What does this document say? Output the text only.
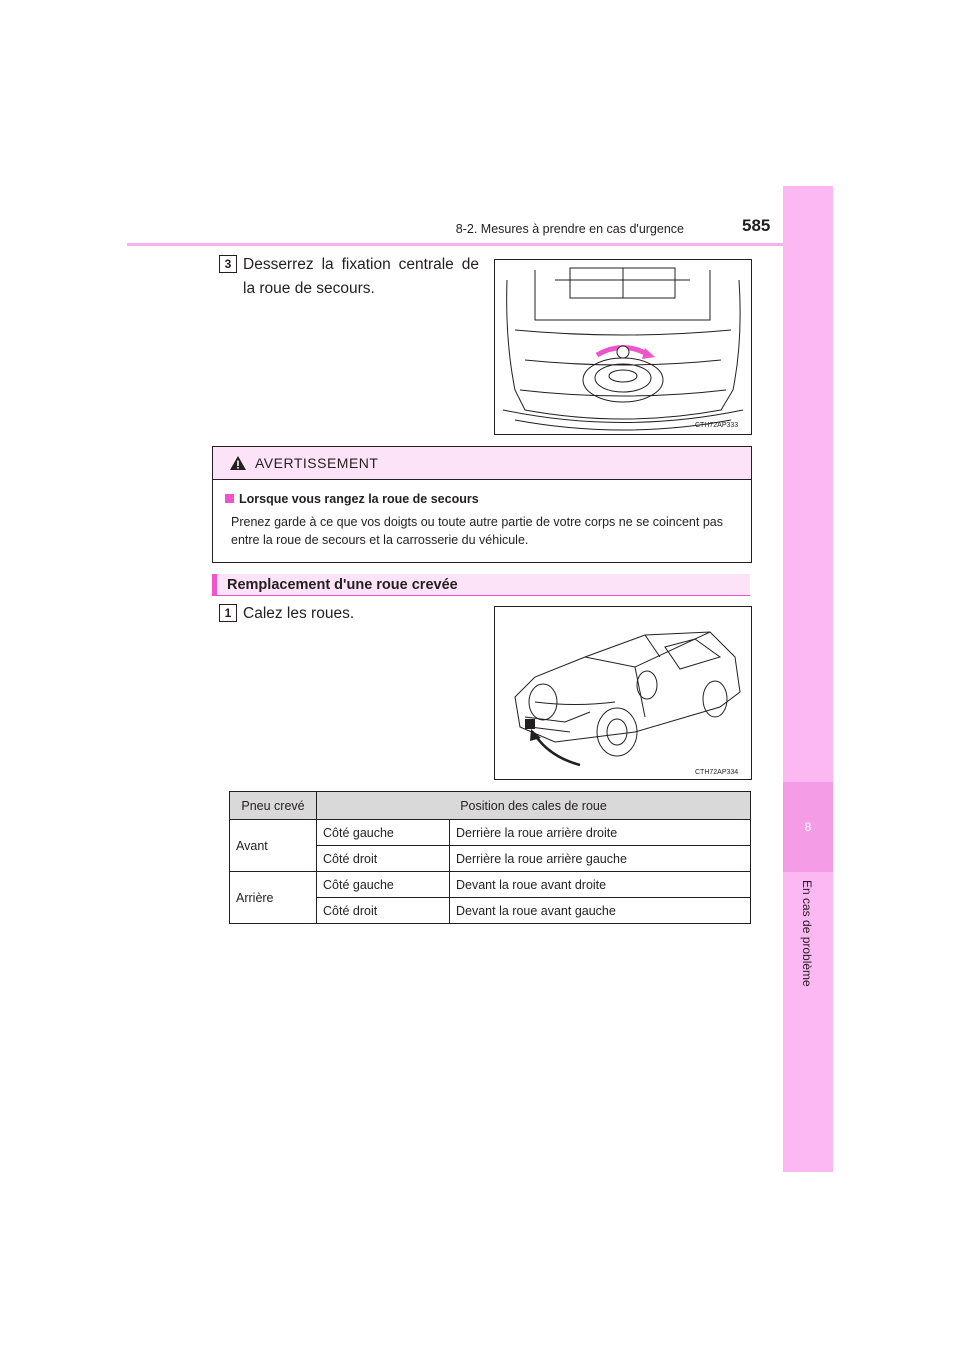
8-2. Mesures à prendre en cas d'urgence	585
8
En cas de problème
3 Desserrez la fixation centrale de la roue de secours.
CTH72AP333
AVERTISSEMENT
Lorsque vous rangez la roue de secours
Prenez garde à ce que vos doigts ou toute autre partie de votre corps ne se coincent pas entre la roue de secours et la carrosserie du véhicule.
Remplacement d'une roue crevée
1 Calez les roues.
CTH72AP334
Pneu crevé	Position des cales de roue	
Avant	Côté gauche	Derrière la roue arrière droite
	Côté droit	Derrière la roue arrière gauche
Arrière	Côté gauche	Devant la roue avant droite
	Côté droit	Devant la roue avant gauche
